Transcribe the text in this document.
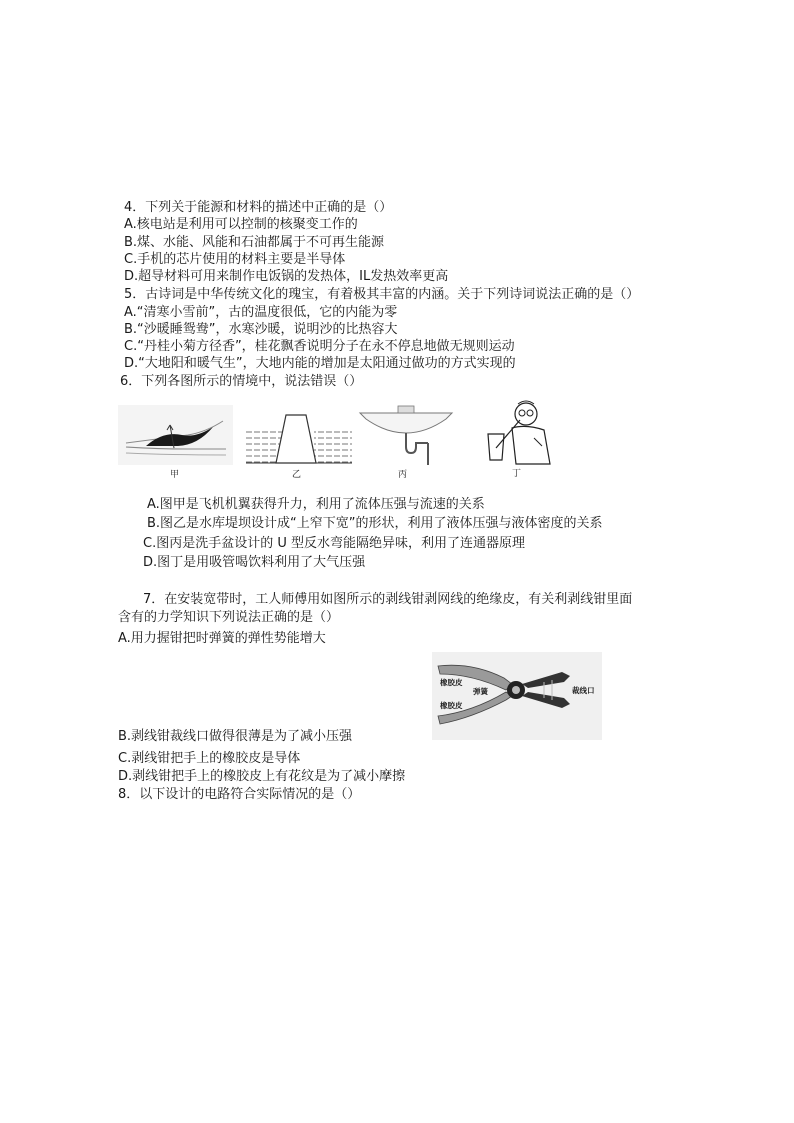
4．下列关于能源和材料的描述中正确的是（）
A.核电站是利用可以控制的核聚变工作的
B.煤、水能、风能和石油都属于不可再生能源
C.手机的芯片使用的材料主要是半导体
D.超导材料可用来制作电饭锅的发热体，IL发热效率更高
5．古诗词是中华传统文化的瑰宝，有着极其丰富的内涵。关于下列诗词说法正确的是（）
A.“清寒小雪前”，古的温度很低，它的内能为零
B.“沙暖睡鸳鸯”，水寒沙暖，说明沙的比热容大
C.“丹桂小菊方径香”，桂花飘香说明分子在永不停息地做无规则运动
D.“大地阳和暖气生”，大地内能的增加是太阳通过做功的方式实现的
6．下列各图所示的情境中，说法错误（）
甲	乙	丙	丁
A.图甲是飞机机翼获得升力，利用了流体压强与流速的关系
B.图乙是水库堤坝设计成“上窄下宽”的形状，利用了液体压强与液体密度的关系
C.图丙是洗手盆设计的 U 型反水弯能隔绝异味，利用了连通器原理
D.图丁是用吸管喝饮料利用了大气压强
7．在安装宽带时，工人师傅用如图所示的剥线钳剥网线的绝缘皮，有关利剥线钳里面
含有的力学知识下列说法正确的是（）
A.用力握钳把时弹簧的弹性势能增大
橡胶皮
弹簧
橡胶皮
裁线口
B.剥线钳裁线口做得很薄是为了减小压强
C.剥线钳把手上的橡胶皮是导体
D.剥线钳把手上的橡胶皮上有花纹是为了减小摩擦
8．以下设计的电路符合实际情况的是（）
